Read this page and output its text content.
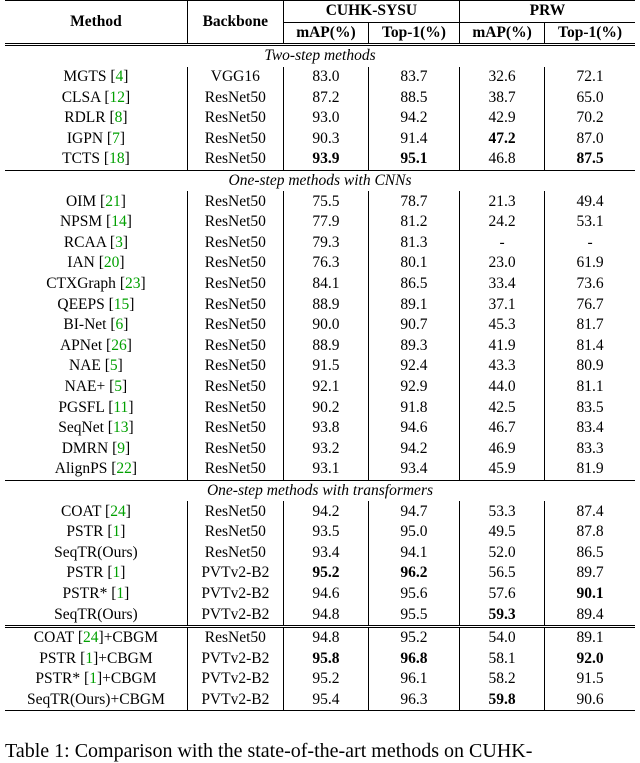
Method	Backbone	CUHK-SYSU		PRW	
		mAP(%)	Top-1(%)	mAP(%)	Top-1(%)
Two-step methods					
MGTS [4]	VGG16	83.0	83.7	32.6	72.1
CLSA [12]	ResNet50	87.2	88.5	38.7	65.0
RDLR [8]	ResNet50	93.0	94.2	42.9	70.2
IGPN [7]	ResNet50	90.3	91.4	47.2	87.0
TCTS [18]	ResNet50	93.9	95.1	46.8	87.5
One-step methods with CNNs					
OIM [21]	ResNet50	75.5	78.7	21.3	49.4
NPSM [14]	ResNet50	77.9	81.2	24.2	53.1
RCAA [3]	ResNet50	79.3	81.3	-	-
IAN [20]	ResNet50	76.3	80.1	23.0	61.9
CTXGraph [23]	ResNet50	84.1	86.5	33.4	73.6
QEEPS [15]	ResNet50	88.9	89.1	37.1	76.7
BI-Net [6]	ResNet50	90.0	90.7	45.3	81.7
APNet [26]	ResNet50	88.9	89.3	41.9	81.4
NAE [5]	ResNet50	91.5	92.4	43.3	80.9
NAE+ [5]	ResNet50	92.1	92.9	44.0	81.1
PGSFL [11]	ResNet50	90.2	91.8	42.5	83.5
SeqNet [13]	ResNet50	93.8	94.6	46.7	83.4
DMRN [9]	ResNet50	93.2	94.2	46.9	83.3
AlignPS [22]	ResNet50	93.1	93.4	45.9	81.9
One-step methods with transformers					
COAT [24]	ResNet50	94.2	94.7	53.3	87.4
PSTR [1]	ResNet50	93.5	95.0	49.5	87.8
SeqTR(Ours)	ResNet50	93.4	94.1	52.0	86.5
PSTR [1]	PVTv2-B2	95.2	96.2	56.5	89.7
PSTR* [1]	PVTv2-B2	94.6	95.6	57.6	90.1
SeqTR(Ours)	PVTv2-B2	94.8	95.5	59.3	89.4
COAT [24]+CBGM	ResNet50	94.8	95.2	54.0	89.1
PSTR [1]+CBGM	PVTv2-B2	95.8	96.8	58.1	92.0
PSTR* [1]+CBGM	PVTv2-B2	95.2	96.1	58.2	91.5
SeqTR(Ours)+CBGM	PVTv2-B2	95.4	96.3	59.8	90.6
Table 1: Comparison with the state-of-the-art methods on CUHK-
